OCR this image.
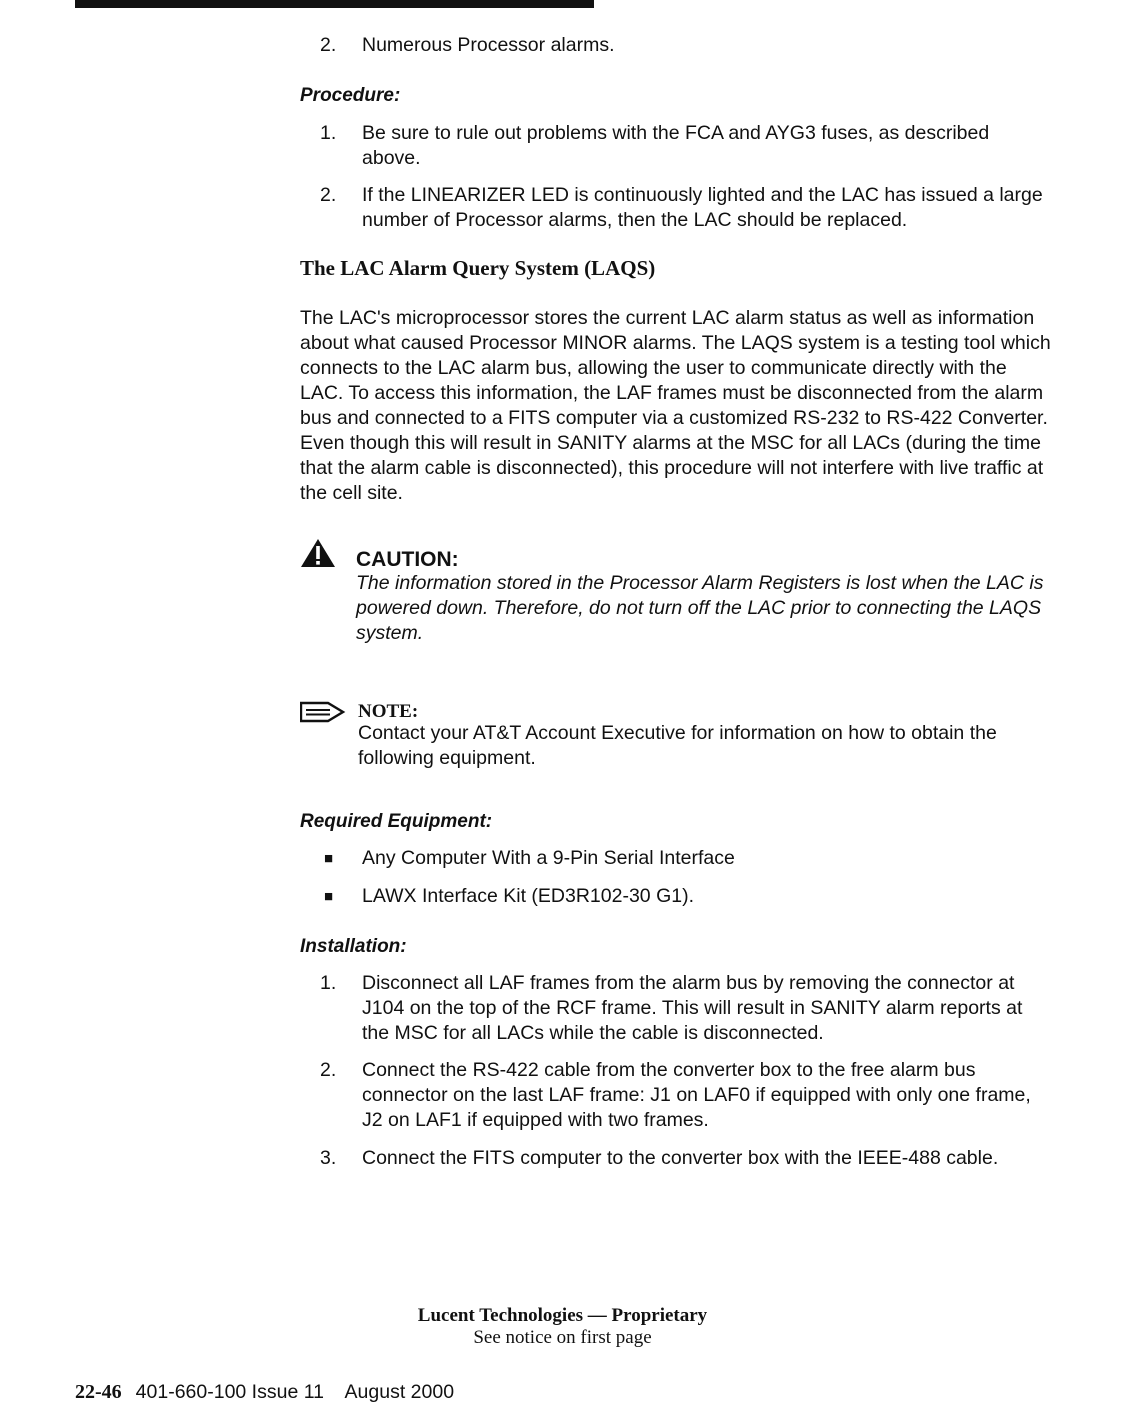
2.	Numerous Processor alarms.
Procedure:
1.	Be sure to rule out problems with the FCA and AYG3 fuses, as described above.
2.	If the LINEARIZER LED is continuously lighted and the LAC has issued a large number of Processor alarms, then the LAC should be replaced.
The LAC Alarm Query System (LAQS)
The LAC's microprocessor stores the current LAC alarm status as well as information about what caused Processor MINOR alarms. The LAQS system is a testing tool which connects to the LAC alarm bus, allowing the user to communicate directly with the LAC. To access this information, the LAF frames must be disconnected from the alarm bus and connected to a FITS computer via a customized RS-232 to RS-422 Converter. Even though this will result in SANITY alarms at the MSC for all LACs (during the time that the alarm cable is disconnected), this procedure will not interfere with live traffic at the cell site.
CAUTION:
The information stored in the Processor Alarm Registers is lost when the LAC is powered down. Therefore, do not turn off the LAC prior to connecting the LAQS system.
NOTE:
Contact your AT&T Account Executive for information on how to obtain the following equipment.
Required Equipment:
■	Any Computer With a 9-Pin Serial Interface
■	LAWX Interface Kit (ED3R102-30 G1).
Installation:
1.	Disconnect all LAF frames from the alarm bus by removing the connector at J104 on the top of the RCF frame. This will result in SANITY alarm reports at the MSC for all LACs while the cable is disconnected.
2.	Connect the RS-422 cable from the converter box to the free alarm bus connector on the last LAF frame: J1 on LAF0 if equipped with only one frame, J2 on LAF1 if equipped with two frames.
3.	Connect the FITS computer to the converter box with the IEEE-488 cable.
Lucent Technologies — Proprietary
See notice on first page
22-46 401-660-100 Issue 11    August 2000
